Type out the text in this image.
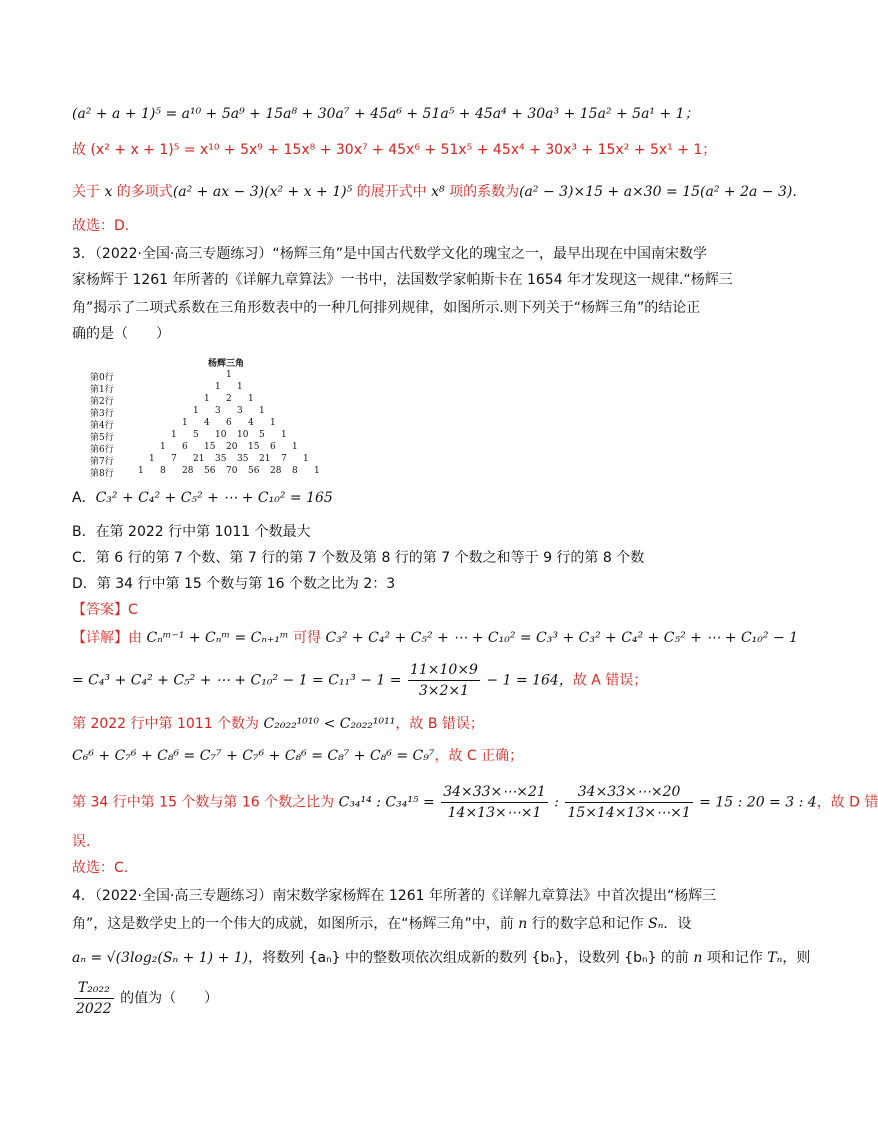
(a² + a + 1)⁵ = a¹⁰ + 5a⁹ + 15a⁸ + 30a⁷ + 45a⁶ + 51a⁵ + 45a⁴ + 30a³ + 15a² + 5a¹ + 1；
故 (x² + x + 1)⁵ = x¹⁰ + 5x⁹ + 15x⁸ + 30x⁷ + 45x⁶ + 51x⁵ + 45x⁴ + 30x³ + 15x² + 5x¹ + 1；
关于 x 的多项式(a² + ax − 3)(x² + x + 1)⁵ 的展开式中 x⁸ 项的系数为(a² − 3)×15 + a×30 = 15(a² + 2a − 3).
故选：D．
3．（2022·全国·高三专题练习）“杨辉三角”是中国古代数学文化的瑰宝之一，最早出现在中国南宋数学
家杨辉于 1261 年所著的《详解九章算法》一书中，法国数学家帕斯卡在 1654 年才发现这一规律.“杨辉三
角”揭示了二项式系数在三角形数表中的一种几何排列规律，如图所示.则下列关于“杨辉三角”的结论正
确的是（　　）
杨辉三角
第0行	1
第1行	1 1
第2行	1 2 1
第3行	1 3 3 1
第4行	1 4 6 4 1
第5行	1 5 10 10 5 1
第6行	1 6 15 20 15 6 1
第7行	1 7 21 35 35 21 7 1
第8行	1 8 28 56 70 56 28 8 1
A．C₃² + C₄² + C₅² + ⋯ + C₁₀² = 165
B．在第 2022 行中第 1011 个数最大
C．第 6 行的第 7 个数、第 7 行的第 7 个数及第 8 行的第 7 个数之和等于 9 行的第 8 个数
D．第 34 行中第 15 个数与第 16 个数之比为 2：3
【答案】C
【详解】由 Cₙᵐ⁻¹ + Cₙᵐ = Cₙ₊₁ᵐ 可得 C₃² + C₄² + C₅² + ⋯ + C₁₀² = C₃³ + C₃² + C₄² + C₅² + ⋯ + C₁₀² − 1
= C₄³ + C₄² + C₅² + ⋯ + $C_{10}^2 - 1 = C_{11}^3 - 1 = \frac{11\times 10\times 9}{3\times 2\times 1} - 1 = 164$，故 A 错误；
第 2022 行中第 1011 个数为 C₂₀₂₂¹⁰¹⁰ < C₂₀₂₂¹⁰¹¹，故 B 错误；
C₆⁶ + C₇⁶ + C₈⁶ = C₇⁷ + C₇⁶ + C₈⁶ = C₈⁷ + C₈⁶ = C₉⁷，故 C 正确；
第 34 行中第 15 个数与第 16 个数之比为 C₃₄¹⁴ : $C_{34}^{15} = \frac{34\times 33\times\cdots\times 21}{14\times 13\times\cdots\times 1}$ : $\frac{34\times 33\times\cdots\times 20}{15\times 14\times 13\times\cdots\times 1} = 15$ : 20 = 3 : 4，故 D 错
误.
故选：C.
4．（2022·全国·高三专题练习）南宋数学家杨辉在 1261 年所著的《详解九章算法》中首次提出“杨辉三
角”，这是数学史上的一个伟大的成就，如图所示，在“杨辉三角”中，前 n 行的数字总和记作 Sₙ．设
aₙ = √(3log₂(Sₙ + 1) + 1)，将数列 {aₙ} 中的整数项依次组成新的数列 {bₙ}，设数列 {bₙ} 的前 n 项和记作 Tₙ，则
$\frac{\text{T₂₀₂₂}}{2022}$ 的值为（　　）
